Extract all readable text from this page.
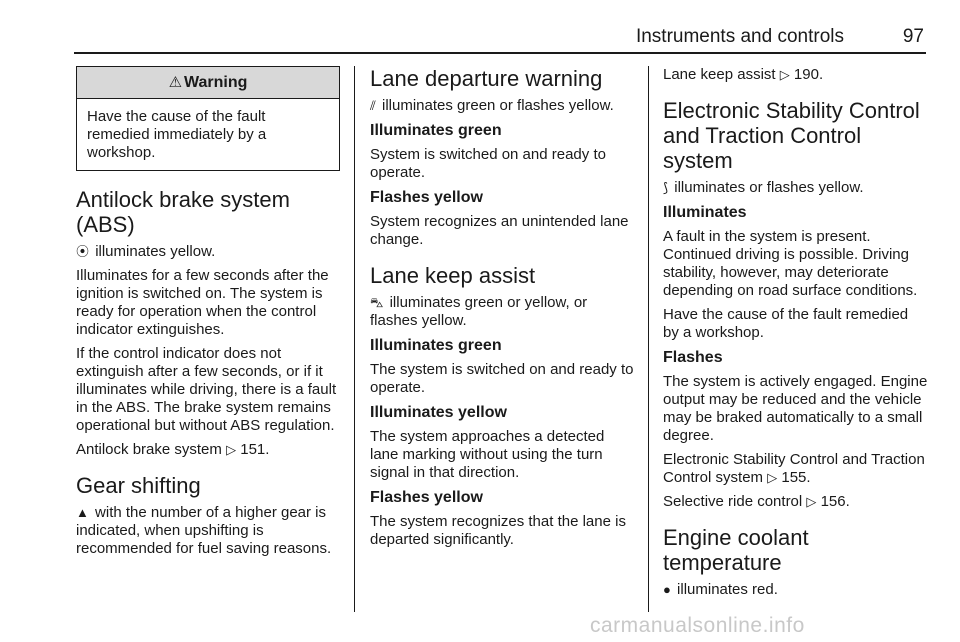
Instruments and controls	97
⚠ Warning
Have the cause of the fault remedied immediately by a workshop.
Antilock brake system (ABS)

⦿ illuminates yellow.

Illuminates for a few seconds after the ignition is switched on. The system is ready for operation when the control indicator extinguishes.

If the control indicator does not extinguish after a few seconds, or if it illuminates while driving, there is a fault in the ABS. The brake system remains operational but without ABS regulation.

Antilock brake system ▷ 151.

Gear shifting

▲ with the number of a higher gear is indicated, when upshifting is recommended for fuel saving reasons.

Lane departure warning

⫽ illuminates green or flashes yellow.

Illuminates green

System is switched on and ready to operate.

Flashes yellow

System recognizes an unintended lane change.

Lane keep assist

⛍ illuminates green or yellow, or flashes yellow.

Illuminates green

The system is switched on and ready to operate.

Illuminates yellow

The system approaches a detected lane marking without using the turn signal in that direction.

Flashes yellow

The system recognizes that the lane is departed significantly.

Lane keep assist ▷ 190.

Electronic Stability Control and Traction Control system

⟆ illuminates or flashes yellow.

Illuminates

A fault in the system is present. Continued driving is possible. Driving stability, however, may deteriorate depending on road surface conditions.

Have the cause of the fault remedied by a workshop.

Flashes

The system is actively engaged. Engine output may be reduced and the vehicle may be braked automatically to a small degree.

Electronic Stability Control and Traction Control system ▷ 155.

Selective ride control ▷ 156.

Engine coolant temperature

● illuminates red.

carmanualsonline.info
